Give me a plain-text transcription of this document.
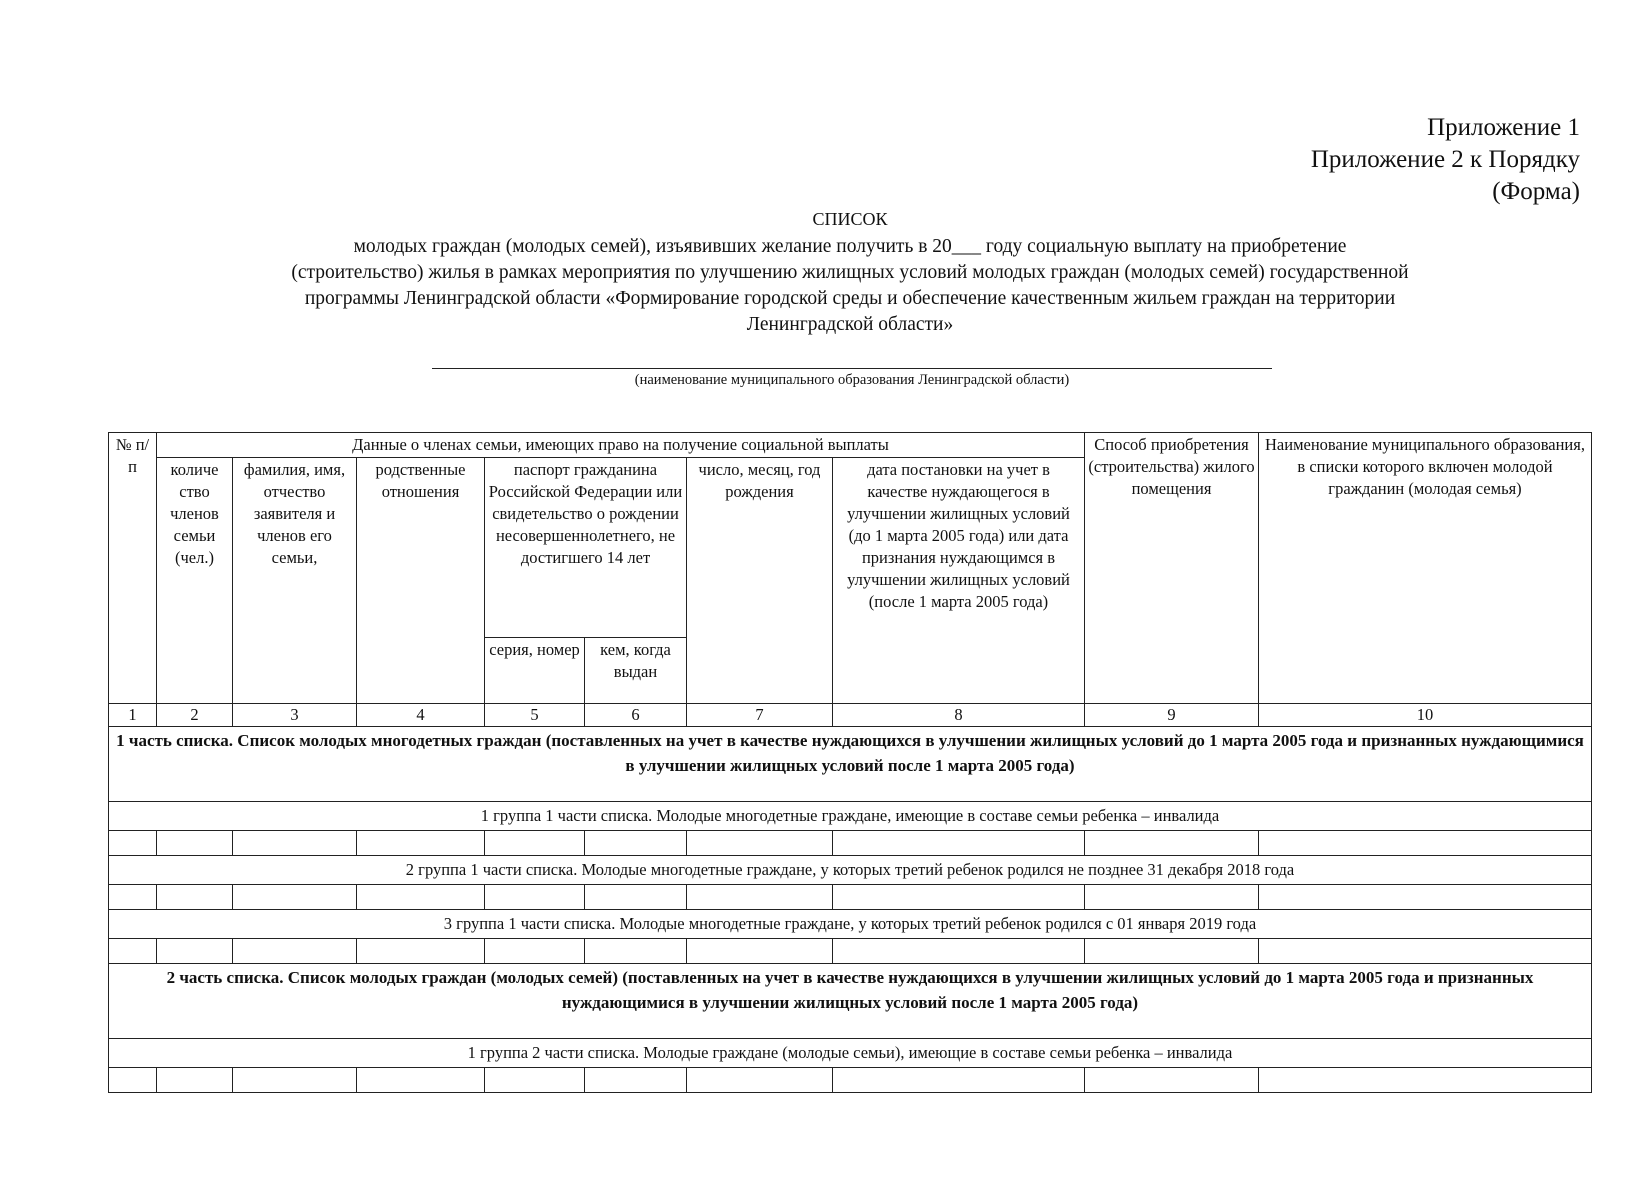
Приложение 1
Приложение 2 к Порядку
(Форма)
СПИСОК
молодых граждан (молодых семей), изъявивших желание получить в 20___ году социальную выплату на приобретение
(строительство) жилья в рамках мероприятия по улучшению жилищных условий молодых граждан (молодых семей) государственной
программы Ленинградской области «Формирование городской среды и обеспечение качественным жильем граждан на территории
Ленинградской области»
(наименование муниципального образования Ленинградской области)
№ п/п	Данные о членах семьи, имеющих право на получение социальной выплаты							Способ приобретения (строительства) жилого помещения	Наименование муниципального образования, в списки которого включен молодой гражданин (молодая семья)
	количе ство членов семьи (чел.)	фамилия, имя, отчество заявителя и членов его семьи,	родственные отношения	паспорт гражданина Российской Федерации или свидетельство о рождении несовершеннолетнего, не достигшего 14 лет		число, месяц, год рождения	дата постановки на учет в качестве нуждающегося в улучшении жилищных условий (до 1 марта 2005 года) или дата признания нуждающимся в улучшении жилищных условий (после 1 марта 2005 года)		
				серия, номер	кем, когда выдан				
1	2	3	4	5	6	7	8	9	10
1 часть списка. Список молодых многодетных граждан (поставленных на учет в качестве нуждающихся в улучшении жилищных условий до 1 марта 2005 года и признанных нуждающимися в улучшении жилищных условий после 1 марта 2005 года)									
1 группа 1 части списка. Молодые многодетные граждане, имеющие в составе семьи ребенка – инвалида									

2 группа 1 части списка. Молодые многодетные граждане, у которых третий ребенок родился не позднее 31 декабря 2018 года									

3 группа 1 части списка. Молодые многодетные граждане, у которых третий ребенок родился с 01 января 2019 года									

2 часть списка. Список молодых граждан (молодых семей) (поставленных на учет в качестве нуждающихся в улучшении жилищных условий до 1 марта 2005 года и признанных нуждающимися в улучшении жилищных условий после 1 марта 2005 года)									
1 группа 2 части списка. Молодые граждане (молодые семьи), имеющие в составе семьи ребенка – инвалида									
